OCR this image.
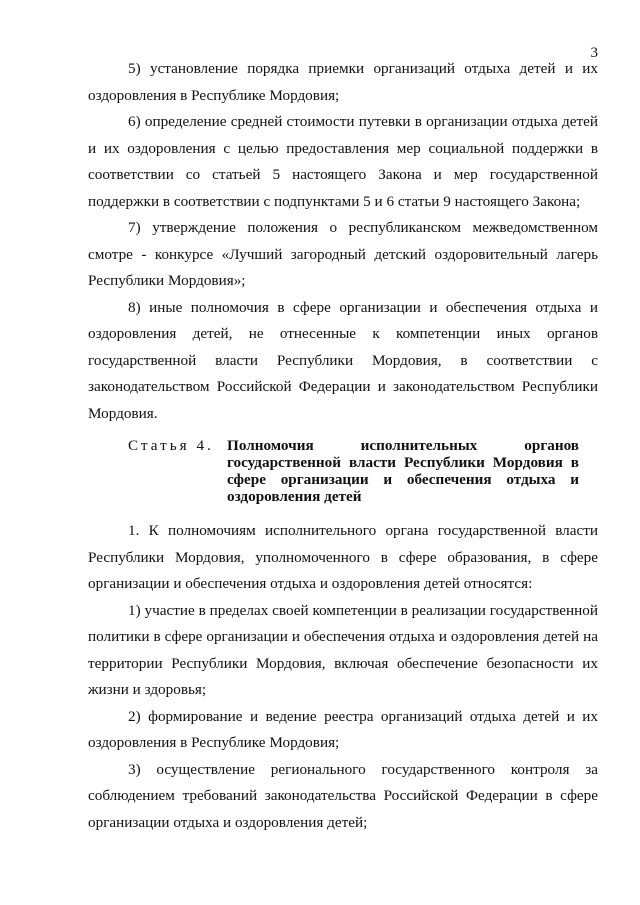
3

5) установление порядка приемки организаций отдыха детей и их оздоровления в Республике Мордовия;

6) определение средней стоимости путевки в организации отдыха детей и их оздоровления с целью предоставления мер социальной поддержки в соответствии со статьей 5 настоящего Закона и мер государственной поддержки в соответствии с подпунктами 5 и 6 статьи 9 настоящего Закона;

7) утверждение положения о республиканском межведомственном смотре - конкурсе «Лучший загородный детский оздоровительный лагерь Республики Мордовия»;

8) иные полномочия в сфере организации и обеспечения отдыха и оздоровления детей, не отнесенные к компетенции иных органов государственной власти Республики Мордовия, в соответствии с законодательством Российской Федерации и законодательством Республики Мордовия.

Статья 4. Полномочия исполнительных органов государственной власти Республики Мордовия в сфере организации и обеспечения отдыха и оздоровления детей

1. К полномочиям исполнительного органа государственной власти Республики Мордовия, уполномоченного в сфере образования, в сфере организации и обеспечения отдыха и оздоровления детей относятся:

1) участие в пределах своей компетенции в реализации государственной политики в сфере организации и обеспечения отдыха и оздоровления детей на территории Республики Мордовия, включая обеспечение безопасности их жизни и здоровья;

2) формирование и ведение реестра организаций отдыха детей и их оздоровления в Республике Мордовия;

3) осуществление регионального государственного контроля за соблюдением требований законодательства Российской Федерации в сфере организации отдыха и оздоровления детей;
